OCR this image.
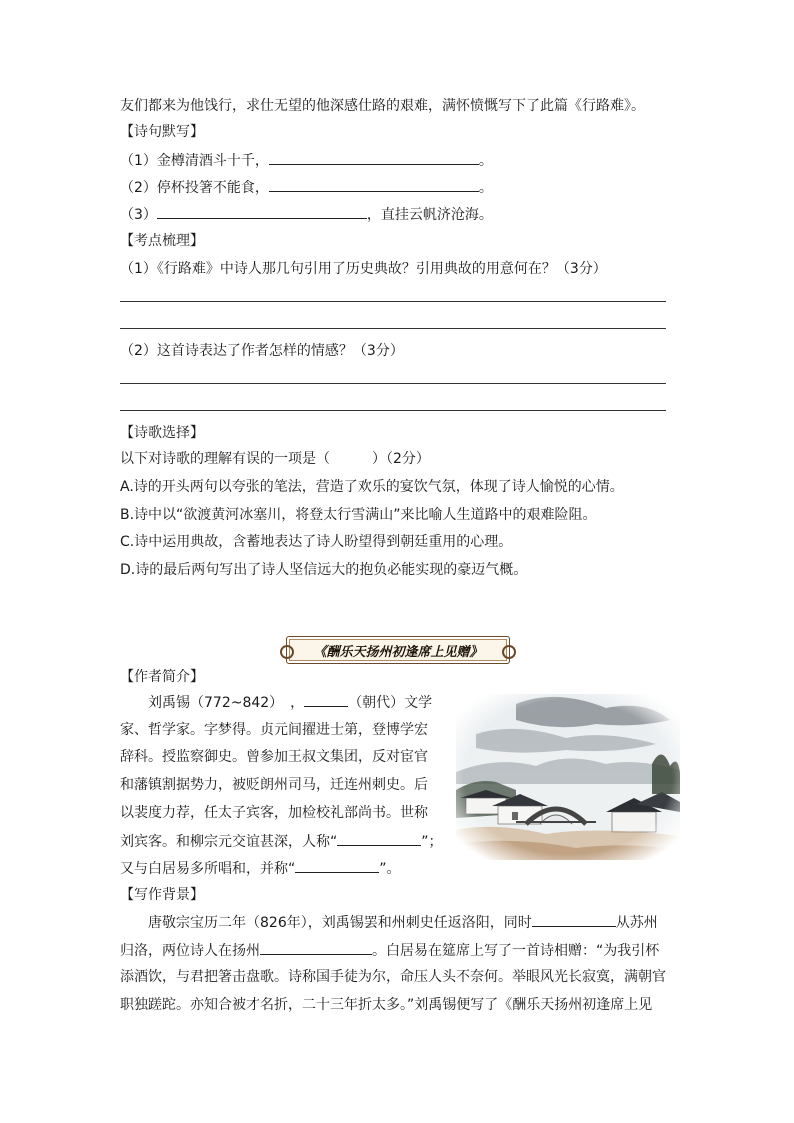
友们都来为他饯行，求仕无望的他深感仕路的艰难，满怀愤慨写下了此篇《行路难》。
【诗句默写】
（1）金樽清酒斗十千，	。
（2）停杯投箸不能食，	。
（3）	，直挂云帆济沧海。
【考点梳理】
（1）《行路难》中诗人那几句引用了历史典故？引用典故的用意何在？（3分）
（2）这首诗表达了作者怎样的情感？（3分）
【诗歌选择】
以下对诗歌的理解有误的一项是（　　　）（2分）
A.诗的开头两句以夸张的笔法，营造了欢乐的宴饮气氛，体现了诗人愉悦的心情。
B.诗中以“欲渡黄河冰塞川，将登太行雪满山”来比喻人生道路中的艰难险阻。
C.诗中运用典故，含蓄地表达了诗人盼望得到朝廷重用的心理。
D.诗的最后两句写出了诗人坚信远大的抱负必能实现的豪迈气概。
《酬乐天扬州初逢席上见赠》
【作者简介】
刘禹锡（772~842）　，	（朝代）文学
家、哲学家。字梦得。贞元间擢进士第，登博学宏
辞科。授监察御史。曾参加王叔文集团，反对宦官
和藩镇割据势力，被贬朗州司马，迁连州刺史。后
以裴度力荐，任太子宾客，加检校礼部尚书。世称
刘宾客。和柳宗元交谊甚深，人称“	”；
又与白居易多所唱和，并称“	”。
【写作背景】
唐敬宗宝历二年（826年），刘禹锡罢和州刺史任返洛阳，同时	从苏州
归洛，两位诗人在扬州	。白居易在筵席上写了一首诗相赠：“为我引杯
添酒饮，与君把箸击盘歌。诗称国手徒为尔，命压人头不奈何。举眼风光长寂寞，满朝官
职独蹉跎。亦知合被才名折，二十三年折太多。”刘禹锡便写了《酬乐天扬州初逢席上见
